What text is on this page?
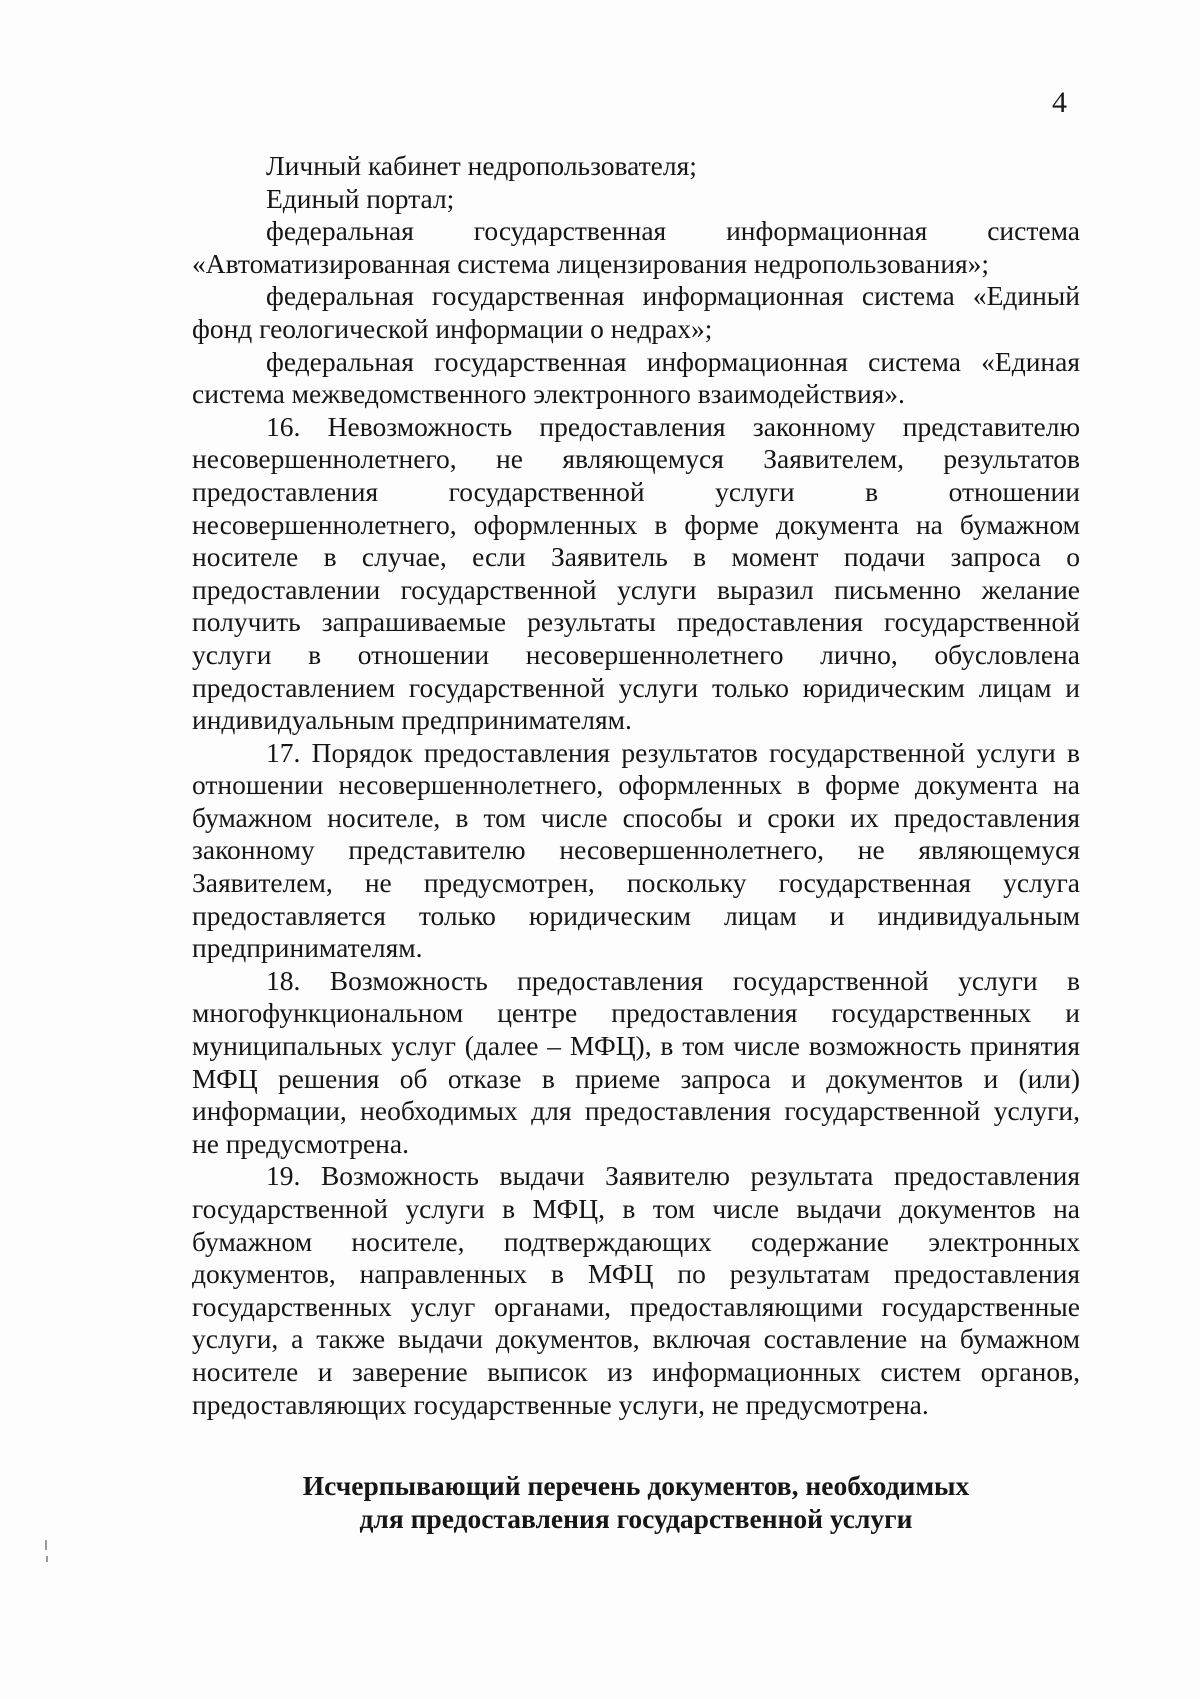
4

Личный кабинет недропользователя;

Единый портал;

федеральная государственная информационная система «Автоматизированная система лицензирования недропользования»;

федеральная государственная информационная система «Единый фонд геологической информации о недрах»;

федеральная государственная информационная система «Единая система межведомственного электронного взаимодействия».

16. Невозможность предоставления законному представителю несовершеннолетнего, не являющемуся Заявителем, результатов предоставления государственной услуги в отношении несовершеннолетнего, оформленных в форме документа на бумажном носителе в случае, если Заявитель в момент подачи запроса о предоставлении государственной услуги выразил письменно желание получить запрашиваемые результаты предоставления государственной услуги в отношении несовершеннолетнего лично, обусловлена предоставлением государственной услуги только юридическим лицам и индивидуальным предпринимателям.

17. Порядок предоставления результатов государственной услуги в отношении несовершеннолетнего, оформленных в форме документа на бумажном носителе, в том числе способы и сроки их предоставления законному представителю несовершеннолетнего, не являющемуся Заявителем, не предусмотрен, поскольку государственная услуга предоставляется только юридическим лицам и индивидуальным предпринимателям.

18. Возможность предоставления государственной услуги в многофункциональном центре предоставления государственных и муниципальных услуг (далее – МФЦ), в том числе возможность принятия МФЦ решения об отказе в приеме запроса и документов и (или) информации, необходимых для предоставления государственной услуги, не предусмотрена.

19. Возможность выдачи Заявителю результата предоставления государственной услуги в МФЦ, в том числе выдачи документов на бумажном носителе, подтверждающих содержание электронных документов, направленных в МФЦ по результатам предоставления государственных услуг органами, предоставляющими государственные услуги, а также выдачи документов, включая составление на бумажном носителе и заверение выписок из информационных систем органов, предоставляющих государственные услуги, не предусмотрена.

Исчерпывающий перечень документов, необходимых
для предоставления государственной услуги
